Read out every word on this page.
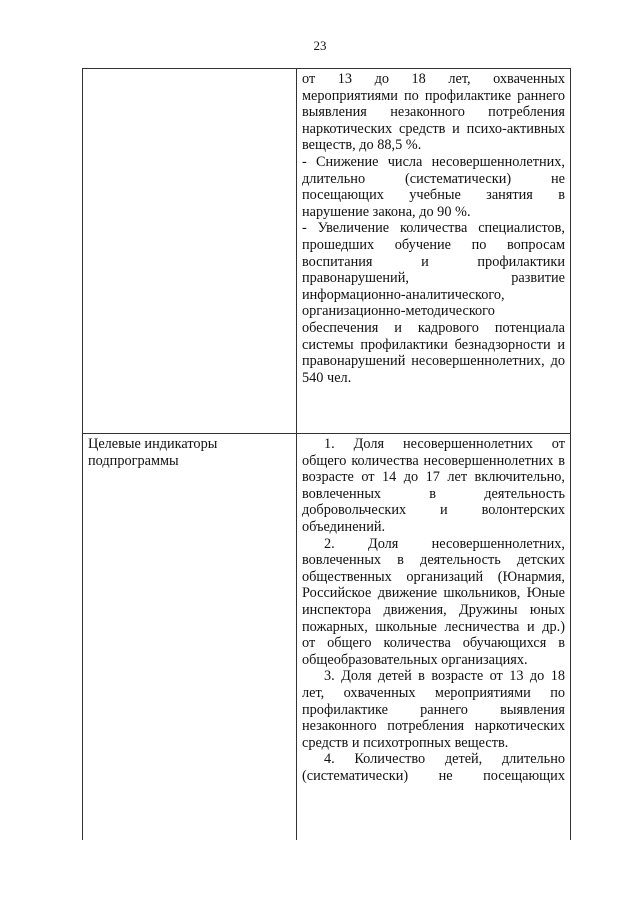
23

	от 13 до 18 лет, охваченных мероприятиями по профилактикe раннего выявления незаконного потребления наркотических средств и психо-активных веществ, до 88,5 %.

- Снижение числа несовершеннолетних, длительно (систематически) не посещающих учебные занятия в нарушение закона, до 90 %.

- Увеличение количества специалистов, прошедших обучение по вопросам воспитания и профилактики правонарушений, развитие информационно-аналитического, организационно-методического обеспечения и кадрового потенциала системы профилактики безнадзорности и правонарушений несовершеннолетних, до 540 чел.

Целевые индикаторы подпрограммы	1. Доля несовершеннолетних от общего количества несовершеннолетних в возрасте от 14 до 17 лет включительно, вовлеченных в деятельность добровольческих и волонтерских объединений.

2. Доля несовершеннолетних, вовлеченных в деятельность детских общественных организаций (Юнармия, Российское движение школьников, Юные инспектора движения, Дружины юных пожарных, школьные лесничества и др.) от общего количества обучающихся в общеобразовательных организациях.

3. Доля детей в возрасте от 13 до 18 лет, охваченных мероприятиями по профилактике раннего выявления незаконного потребления наркотических средств и психотропных веществ.

4. Количество детей, длительно (систематически) не посещающих
